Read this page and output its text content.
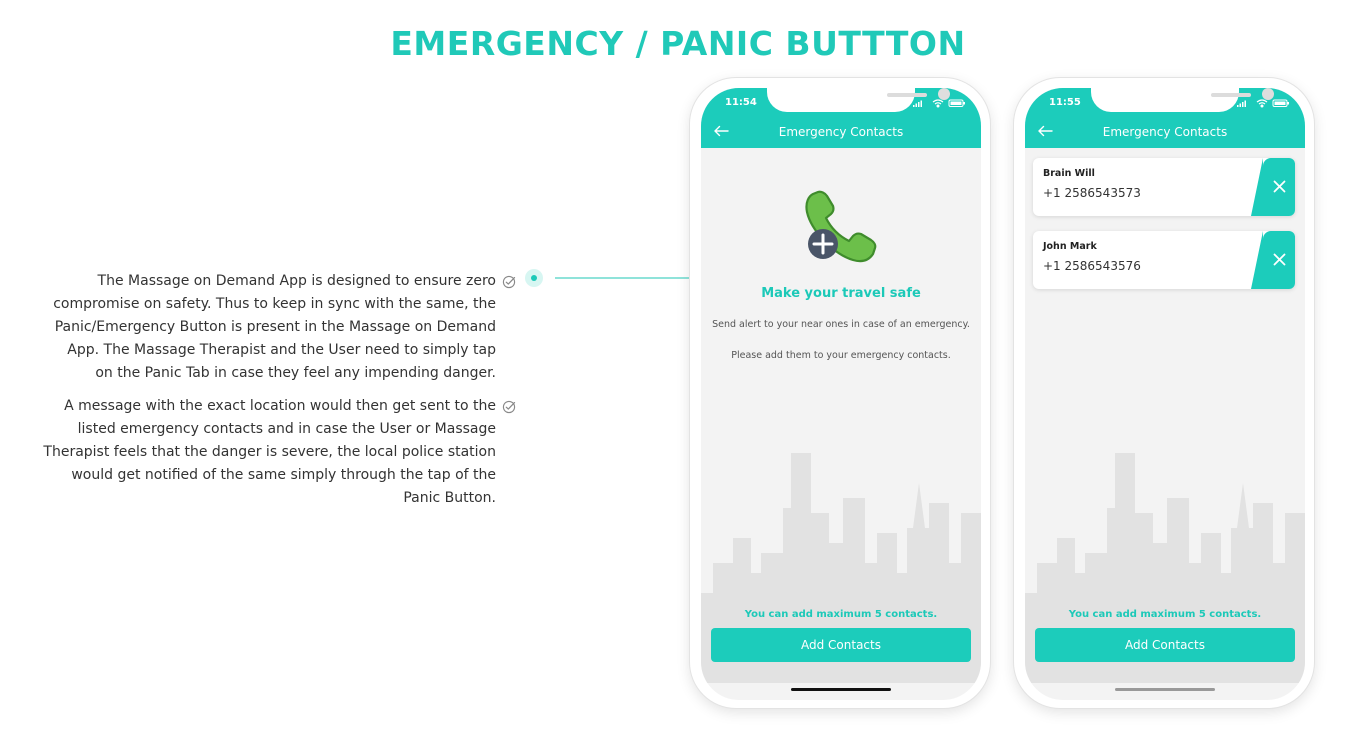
EMERGENCY / PANIC BUTTTON
The Massage on Demand App is designed to ensure zero compromise on safety. Thus to keep in sync with the same, the Panic/Emergency Button is present in the Massage on Demand App. The Massage Therapist and the User need to simply tap on the Panic Tab in case they feel any impending danger.
A message with the exact location would then get sent to the listed emergency contacts and in case the User or Massage Therapist feels that the danger is severe, the local police station would get notified of the same simply through the tap of the Panic Button.
11:54
Emergency Contacts
Make your travel safe
Send alert to your near ones in case of an emergency.
Please add them to your emergency contacts.
You can add maximum 5 contacts.
Add Contacts
11:55
Emergency Contacts
Brain Will
+1 2586543573
John Mark
+1 2586543576
You can add maximum 5 contacts.
Add Contacts
